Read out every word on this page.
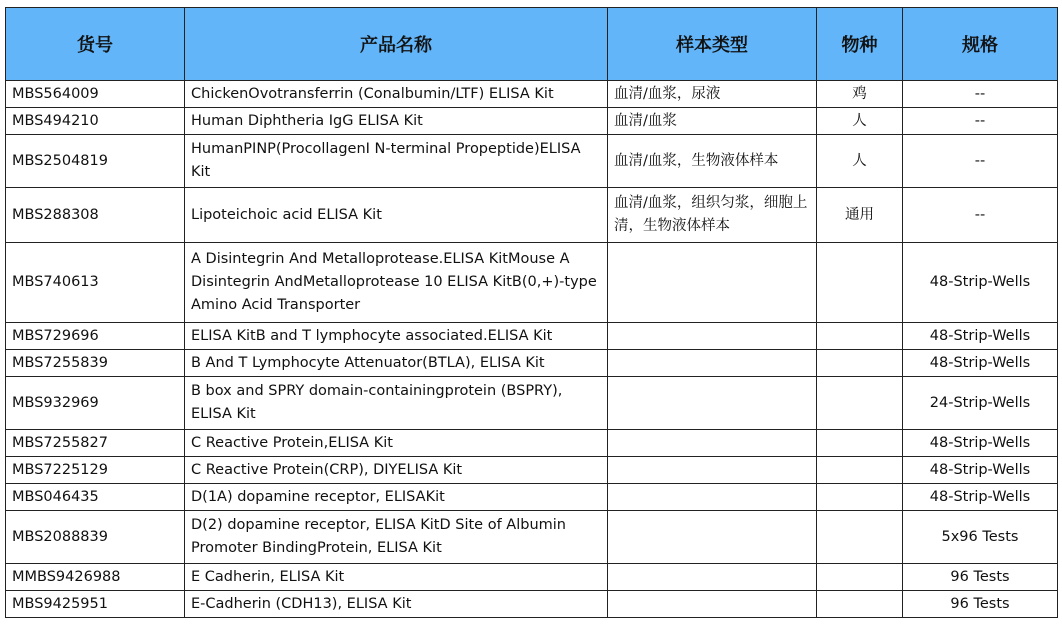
货号	产品名称	样本类型	物种	规格
MBS564009	ChickenOvotransferrin (Conalbumin/LTF) ELISA Kit	血清/血浆，尿液	鸡	--
MBS494210	Human Diphtheria IgG ELISA Kit	血清/血浆	人	--
MBS2504819	HumanPINP(ProcollagenI N-terminal Propeptide)ELISA Kit	血清/血浆，生物液体样本	人	--
MBS288308	Lipoteichoic acid ELISA Kit	血清/血浆，组织匀浆，细胞上清，生物液体样本	通用	--
MBS740613	A Disintegrin And Metalloprotease.ELISA KitMouse A Disintegrin AndMetalloprotease 10 ELISA KitB(0,+)-type Amino Acid Transporter			48-Strip-Wells
MBS729696	ELISA KitB and T lymphocyte associated.ELISA Kit			48-Strip-Wells
MBS7255839	B And T Lymphocyte Attenuator(BTLA), ELISA Kit			48-Strip-Wells
MBS932969	B box and SPRY domain-containingprotein (BSPRY), ELISA Kit			24-Strip-Wells
MBS7255827	C Reactive Protein,ELISA Kit			48-Strip-Wells
MBS7225129	C Reactive Protein(CRP), DIYELISA Kit			48-Strip-Wells
MBS046435	D(1A) dopamine receptor, ELISAKit			48-Strip-Wells
MBS2088839	D(2) dopamine receptor, ELISA KitD Site of Albumin Promoter BindingProtein, ELISA Kit			5x96 Tests
MMBS9426988	E Cadherin, ELISA Kit			96 Tests
MBS9425951	E-Cadherin (CDH13), ELISA Kit			96 Tests
